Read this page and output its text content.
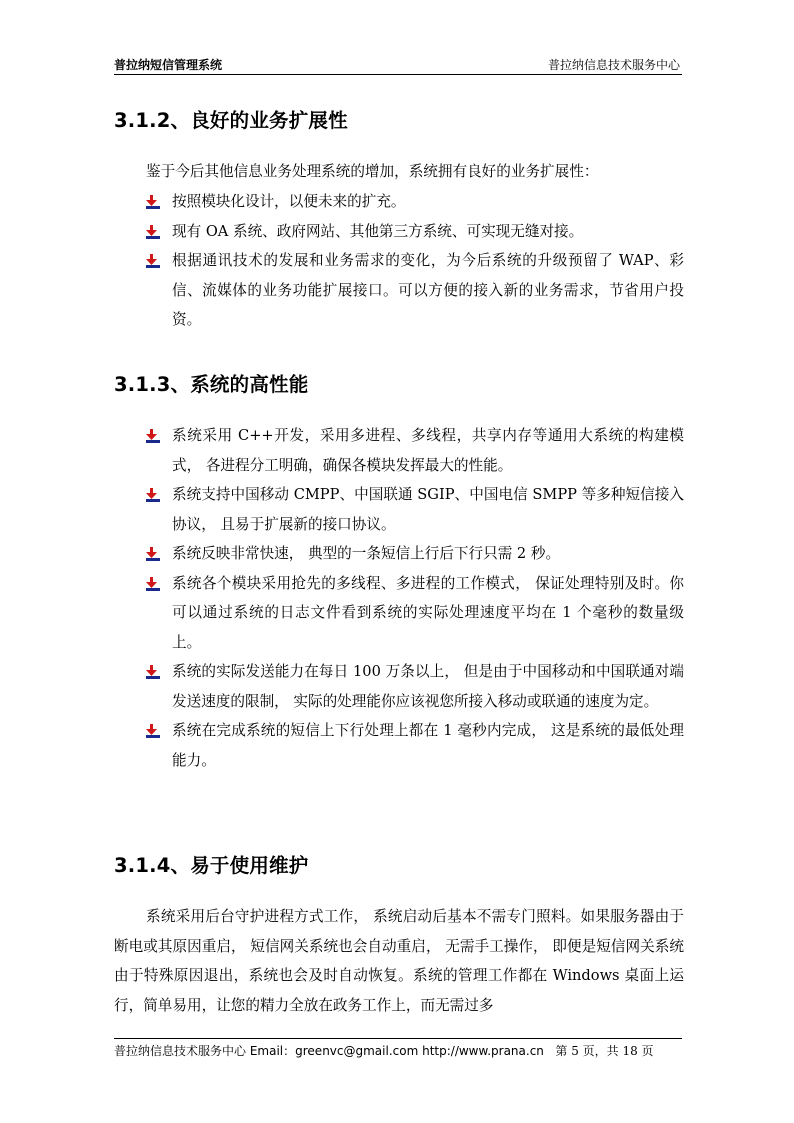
普拉纳短信管理系统	普拉纳信息技术服务中心
3.1.2、良好的业务扩展性
鉴于今后其他信息业务处理系统的增加，系统拥有良好的业务扩展性：
按照模块化设计，以便未来的扩充。
现有 OA 系统、政府网站、其他第三方系统、可实现无缝对接。
根据通讯技术的发展和业务需求的变化，为今后系统的升级预留了 WAP、彩信、流媒体的业务功能扩展接口。可以方便的接入新的业务需求，节省用户投资。
3.1.3、系统的高性能
系统采用 C++开发，采用多进程、多线程，共享内存等通用大系统的构建模式， 各进程分工明确，确保各模块发挥最大的性能。
系统支持中国移动 CMPP、中国联通 SGIP、中国电信 SMPP 等多种短信接入协议， 且易于扩展新的接口协议。
系统反映非常快速， 典型的一条短信上行后下行只需 2 秒。
系统各个模块采用抢先的多线程、多进程的工作模式， 保证处理特别及时。你可以通过系统的日志文件看到系统的实际处理速度平均在 1 个毫秒的数量级上。
系统的实际发送能力在每日 100 万条以上， 但是由于中国移动和中国联通对端发送速度的限制， 实际的处理能你应该视您所接入移动或联通的速度为定。
系统在完成系统的短信上下行处理上都在 1 毫秒内完成， 这是系统的最低处理能力。
3.1.4、易于使用维护
系统采用后台守护进程方式工作， 系统启动后基本不需专门照料。如果服务器由于断电或其原因重启， 短信网关系统也会自动重启， 无需手工操作， 即便是短信网关系统由于特殊原因退出，系统也会及时自动恢复。系统的管理工作都在 Windows 桌面上运行，简单易用，让您的精力全放在政务工作上，而无需过多
普拉纳信息技术服务中心 Email：greenvc@gmail.com http://www.prana.cn 第 5 页，共 18 页
